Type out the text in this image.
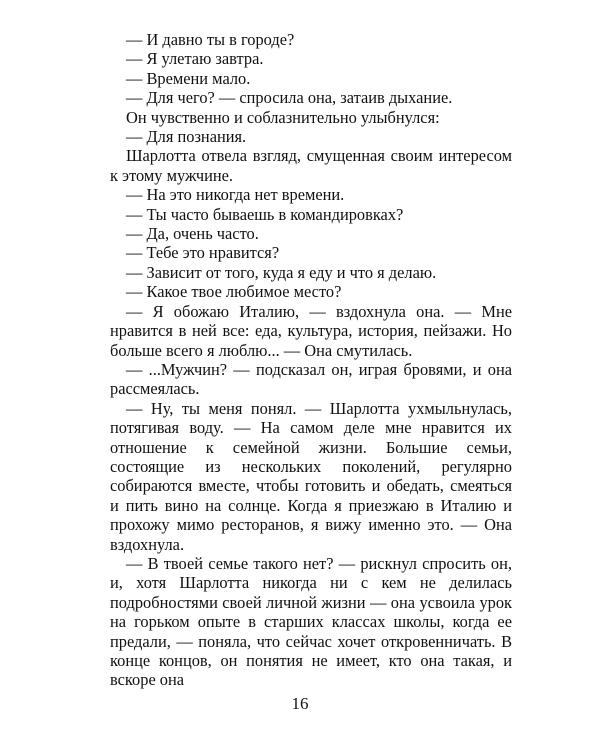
— И давно ты в городе?

— Я улетаю завтра.

— Времени мало.

— Для чего? — спросила она, затаив дыхание.

Он чувственно и соблазнительно улыбнулся:

— Для познания.

Шарлотта отвела взгляд, смущенная своим интересом к этому мужчине.

— На это никогда нет времени.

— Ты часто бываешь в командировках?

— Да, очень часто.

— Тебе это нравится?

— Зависит от того, куда я еду и что я делаю.

— Какое твое любимое место?

— Я обожаю Италию, — вздохнула она. — Мне нравится в ней все: еда, культура, история, пейзажи. Но больше всего я люблю... — Она смутилась.

— ...Мужчин? — подсказал он, играя бровями, и она рассмеялась.

— Ну, ты меня понял. — Шарлотта ухмыльнулась, потягивая воду. — На самом деле мне нравится их отношение к семейной жизни. Большие семьи, состоящие из нескольких поколений, регулярно собираются вместе, чтобы готовить и обедать, смеяться и пить вино на солнце. Когда я приезжаю в Италию и прохожу мимо ресторанов, я вижу именно это. — Она вздохнула.

— В твоей семье такого нет? — рискнул спросить он, и, хотя Шарлотта никогда ни с кем не делилась подробностями своей личной жизни — она усвоила урок на горьком опыте в старших классах школы, когда ее предали, — поняла, что сейчас хочет откровенничать. В конце концов, он понятия не имеет, кто она такая, и вскоре она

16
